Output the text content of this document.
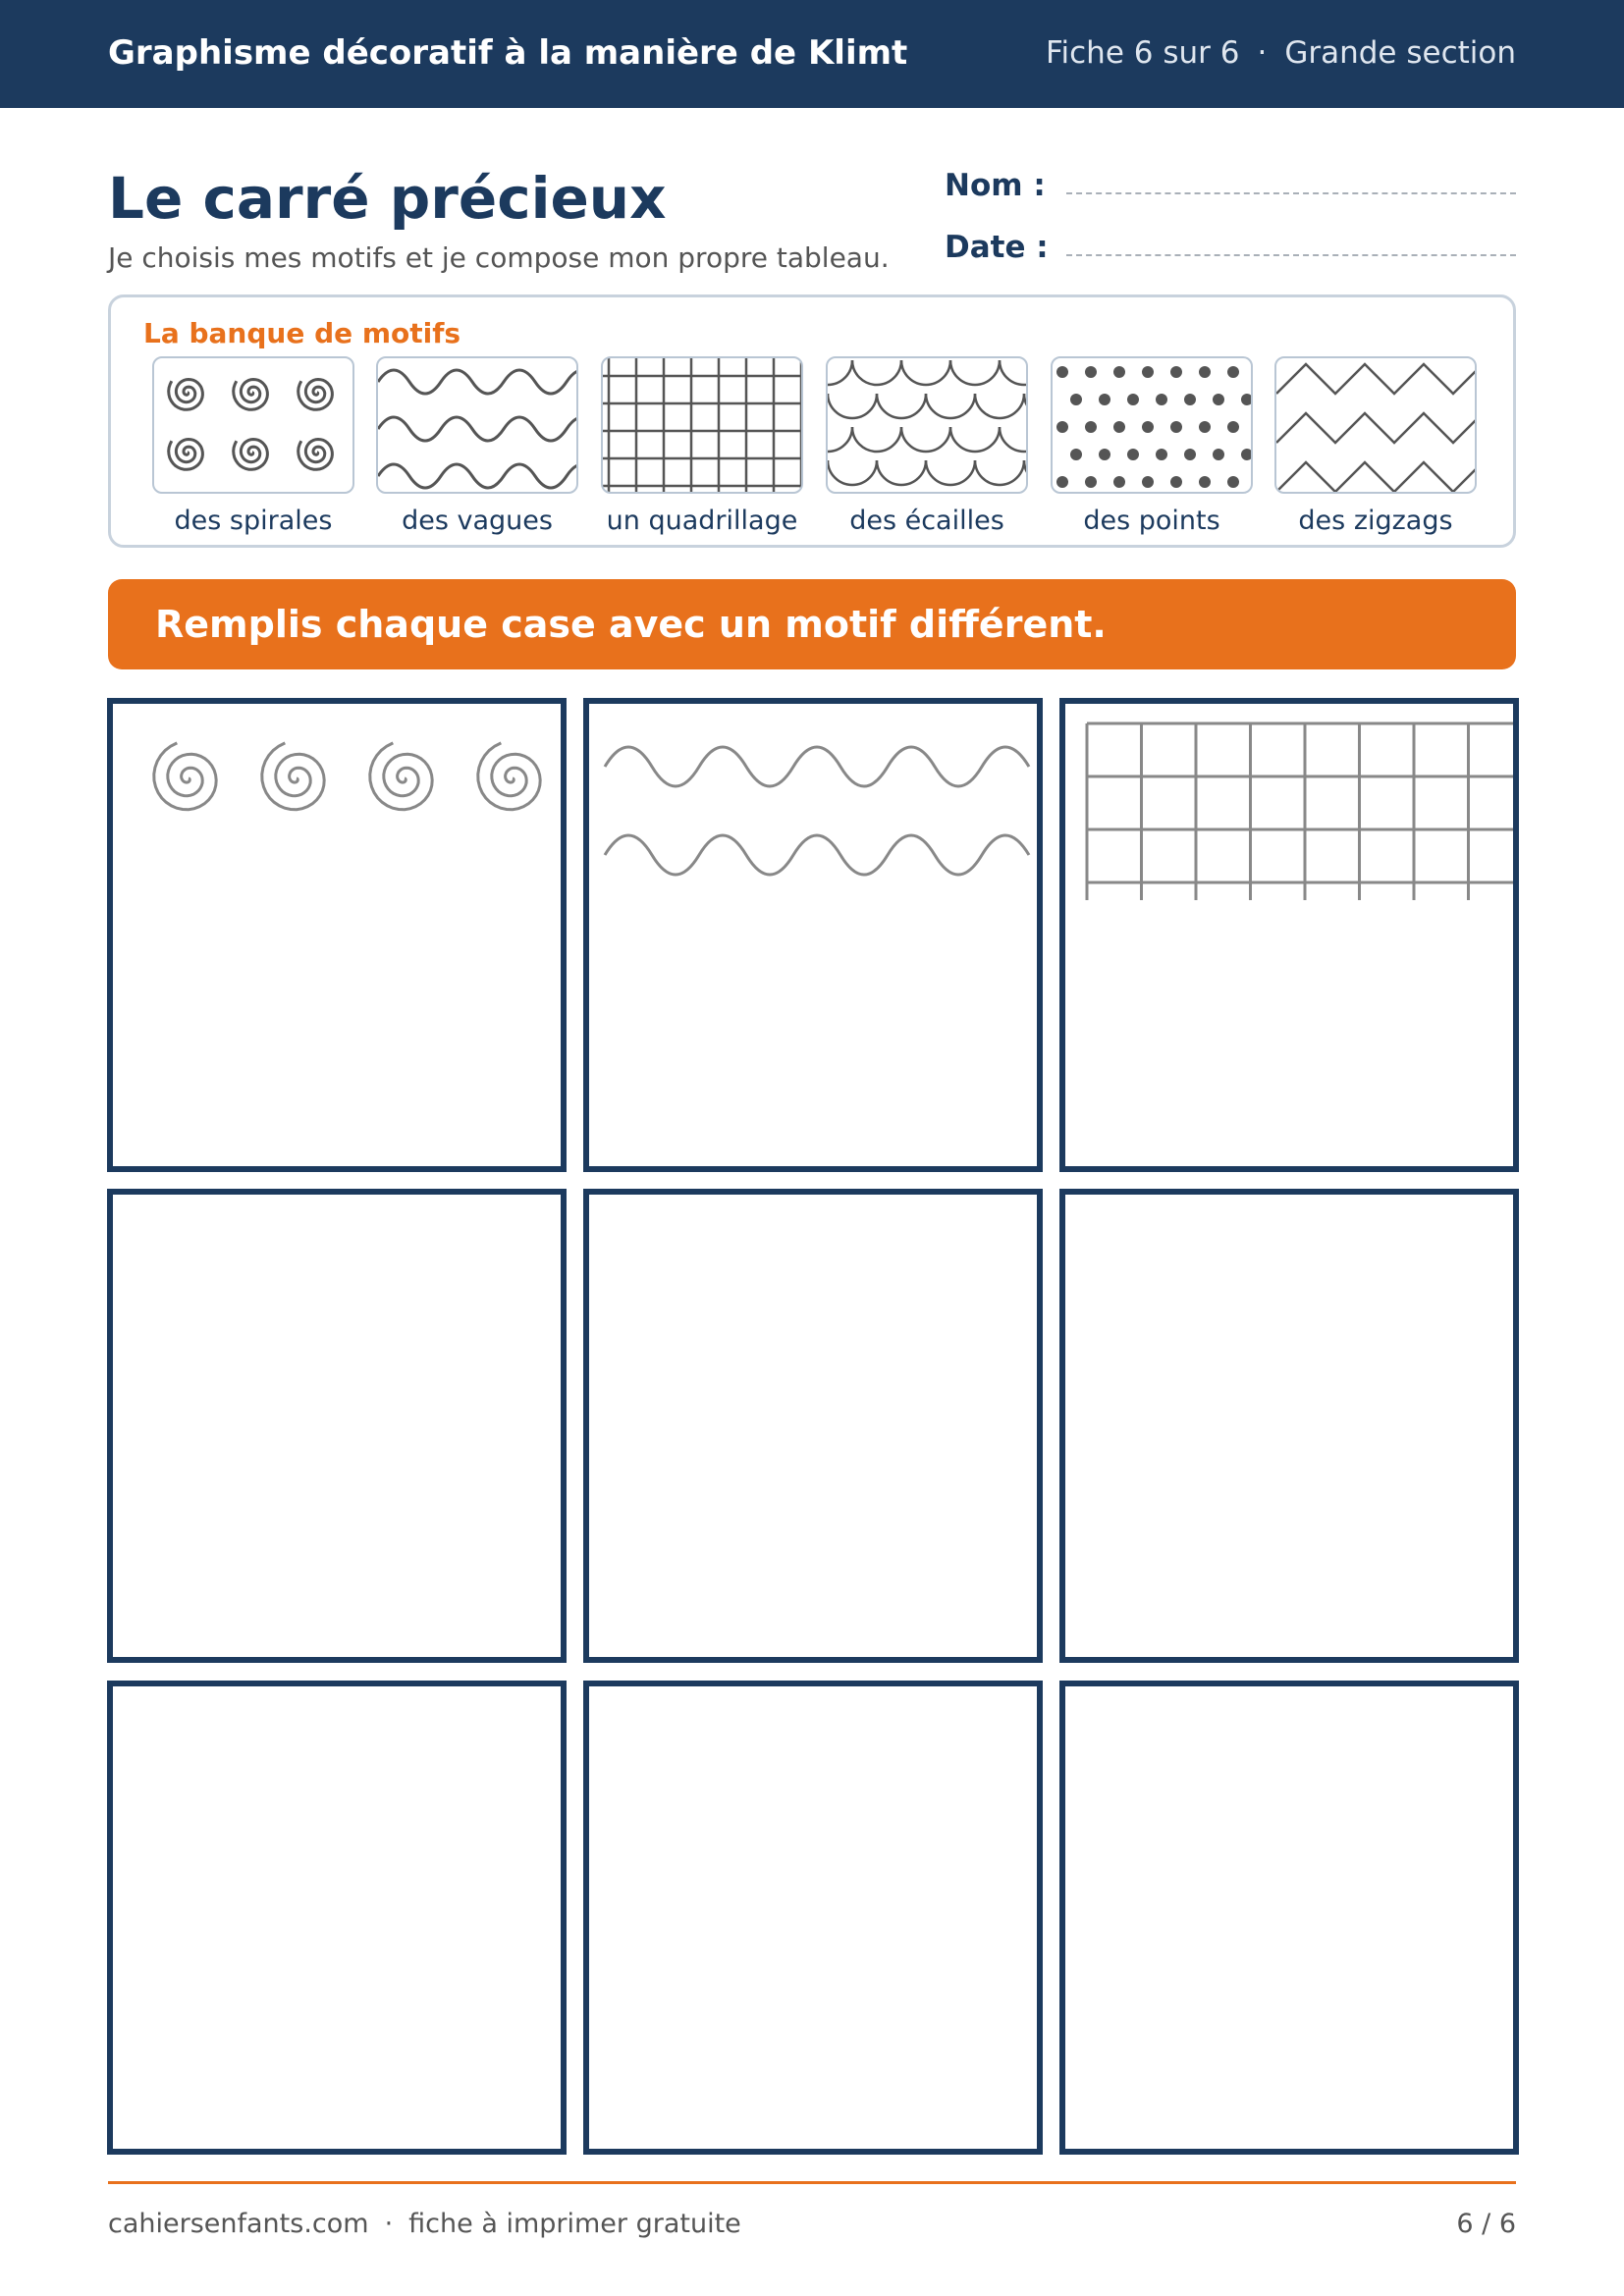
Graphisme décoratif à la manière de Klimt	Fiche 6 sur 6 · Grande section
Le carré précieux
Je choisis mes motifs et je compose mon propre tableau.
Nom :
Date :
La banque de motifs
des spirales	des vagues	un quadrillage	des écailles	des points	des zigzags
Remplis chaque case avec un motif différent.
cahiersenfants.com · fiche à imprimer gratuite	6 / 6
